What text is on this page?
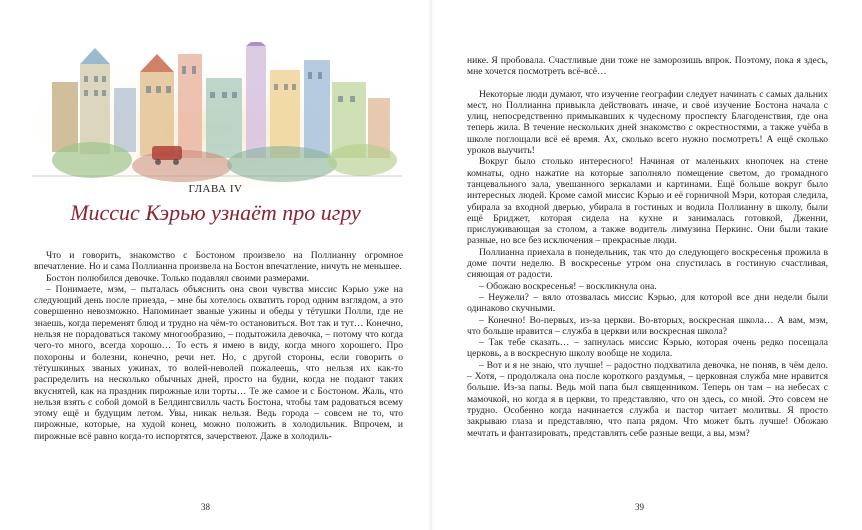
ГЛАВА IV
Миссис Кэрью узнаёт про игру

Что и говорить, знакомство с Бостоном произвело на Поллианну огромное впечатление. Но и сама Поллианна произвела на Бостон впечатление, ничуть не меньшее.

Бостон полюбился девочке. Только подавлял своими размерами.

– Понимаете, мэм, – пыталась объяснить она свои чувства миссис Кэрью уже на следующий день после приезда, – мне бы хотелось охватить город одним взглядом, а это совершенно невозможно. Напоминает званые ужины и обеды у тётушки Полли, где не знаешь, когда переменят блюд и трудно на чём-то остановиться. Вот так и тут… Конечно, нельзя не порадоваться такому многообразию, – подытожила девочка, – потому что когда чего-то много, всегда хорошо… То есть я имею в виду, когда много хорошего. Про похороны и болезни, конечно, речи нет. Но, с другой стороны, если говорить о тётушкиных званых ужинах, то волей-неволей пожалеешь, что нельзя их как-то распределить на несколько обычных дней, просто на будни, когда не подают таких вкуснятей, как на праздник пирожные или торты… Те же самое и с Бостоном. Жаль, что нельзя взять с собой домой в Белдингсвилль часть Бостона, чтобы там радоваться всему этому ещё и будущим летом. Увы, никак нельзя. Ведь города – совсем не то, что пирожные, которые, на худой конец, можно положить в холодильник. Впрочем, и пирожные всё равно когда-то испортятся, зачерствеют. Даже в холодиль-

38

нике. Я пробовала. Счастливые дни тоже не заморозишь впрок. Поэтому, пока я здесь, мне хочется посмотреть всё-всё…

Некоторые люди думают, что изучение географии следует начинать с самых дальних мест, но Поллианна привыкла действовать иначе, и своё изучение Бостона начала с улиц, непосредственно примыкавших к чудесному проспекту Благоденствия, где она теперь жила. В течение нескольких дней знакомство с окрестностями, а также учёба в школе поглощали всё её время. Ах, сколько всего нужно посмотреть! А ещё сколько уроков выучить!

Вокруг было столько интересного! Начиная от маленьких кнопочек на стене комнаты, одно нажатие на которые заполняло помещение светом, до громадного танцевального зала, увешанного зеркалами и картинами. Ещё больше вокруг было интересных людей. Кроме самой миссис Кэрью и её горничной Мэри, которая следила, убирала за входной дверью, убирала в гостиных и водила Поллианну в школу, были ещё Бриджет, которая сидела на кухне и занималась готовкой, Дженни, прислуживающая за столом, а также водитель лимузина Перкинс. Они были такие разные, но все без исключения – прекрасные люди.

Поллианна приехала в понедельник, так что до следующего воскресенья прожила в доме почти неделю. В воскресенье утром она спустилась в гостиную счастливая, сияющая от радости.

– Обожаю воскресенья! – воскликнула она.

– Неужели? – вяло отозвалась миссис Кэрью, для которой все дни недели были одинаково скучными.

– Конечно! Во-первых, из-за церкви. Во-вторых, воскресная школа… А вам, мэм, что больше нравится – служба в церкви или воскресная школа?

– Так тебе сказать… – запнулась миссис Кэрью, которая очень редко посещала церковь, а в воскресную школу вообще не ходила.

– Вот и я не знаю, что лучше! – радостно подхватила девочка, не поняв, в чём дело. – Хотя, – продолжала она после короткого раздумья, – церковная служба мне нравится больше. Из-за папы. Ведь мой папа был священником. Теперь он там – на небесах с мамочкой, но когда я в церкви, то представляю, что он здесь, со мной. Это совсем не трудно. Особенно когда начинается служба и пастор читает молитвы. Я просто закрываю глаза и представляю, что папа рядом. Что может быть лучше! Обожаю мечтать и фантазировать, представлять себе разные вещи, а вы, мэм?

39
